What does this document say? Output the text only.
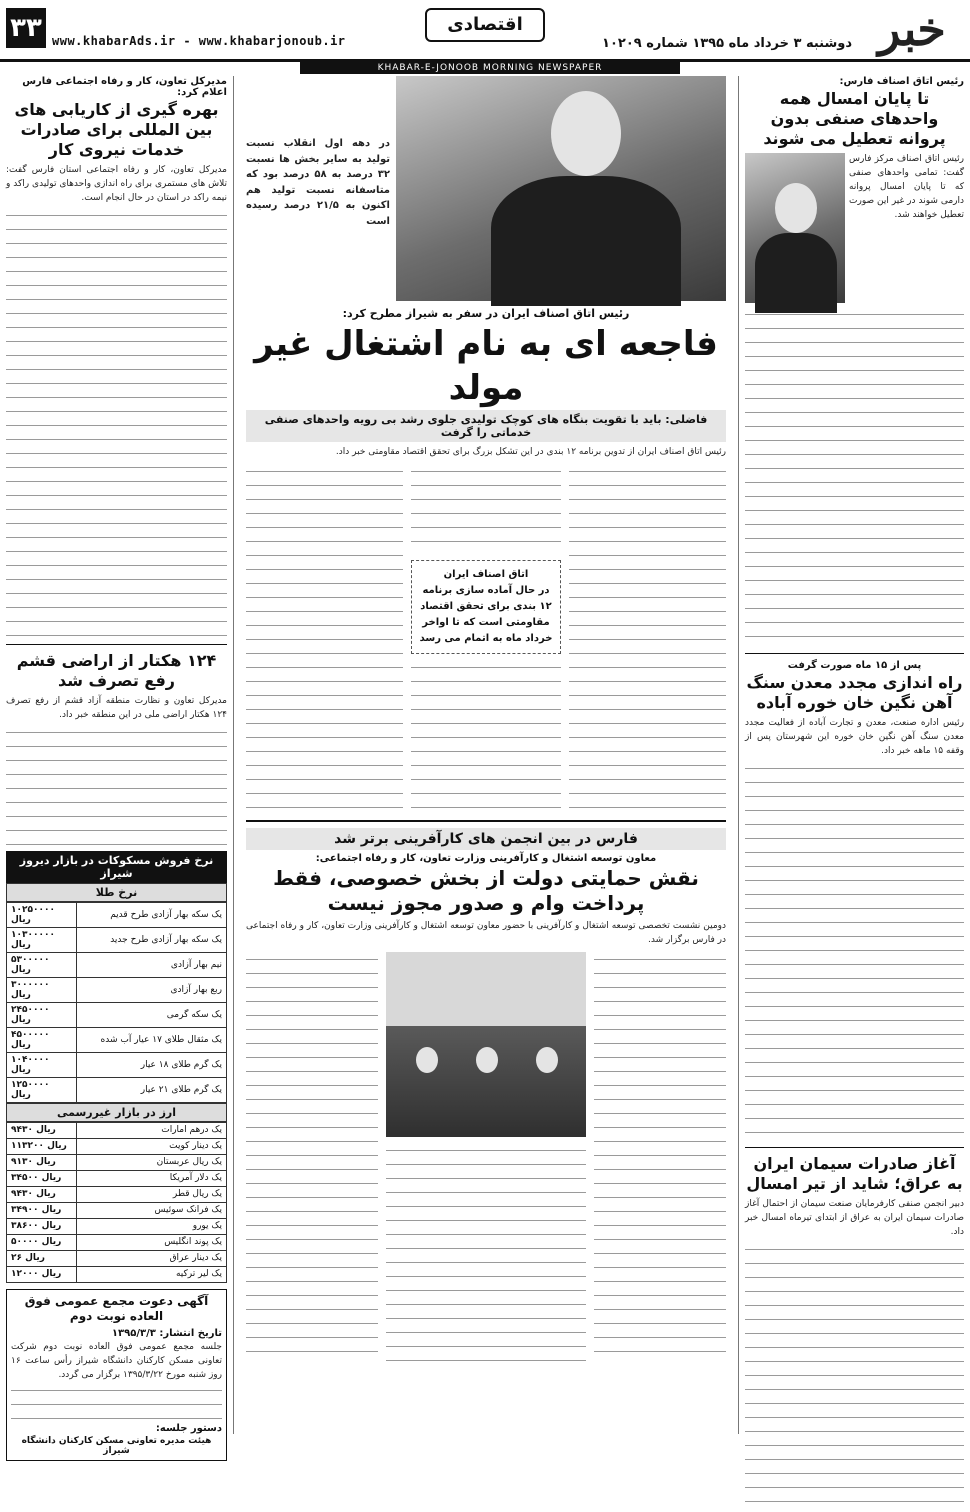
۳۳ www.khabarAds.ir - www.khabarjonoub.ir
اقتصادی
دوشنبه ۳ خرداد ماه ۱۳۹۵ شماره ۱۰۲۰۹ خبر
KHABAR-E-JONOOB MORNING NEWSPAPER
رئیس اتاق اصناف فارس:
تا پایان امسال همه واحدهای صنفی بدون پروانه تعطیل می شوند
رئیس اتاق اصناف مرکز فارس گفت: تمامی واحدهای صنفی که تا پایان امسال پروانه دارمی شوند در غیر این صورت تعطیل خواهند شد.
پس از ۱۵ ماه صورت گرفت
راه اندازی مجدد معدن سنگ آهن نگین خان خوره آباده
رئیس اداره صنعت، معدن و تجارت آباده از فعالیت مجدد معدن سنگ آهن نگین خان خوره این شهرستان پس از وقفه ۱۵ ماهه خبر داد.
آغاز صادرات سیمان ایران به عراق؛ شاید از تیر امسال
دبیر انجمن صنفی کارفرمایان صنعت سیمان از احتمال آغاز صادرات سیمان ایران به عراق از ابتدای تیرماه امسال خبر داد.
در دهه اول انقلاب نسبت تولید به سایر بخش ها نسبت ۳۲ درصد به ۵۸ درصد بود که متاسفانه نسبت تولید هم اکنون به ۲۱/۵ درصد رسیده است
رئیس اتاق اصناف ایران در سفر به شیراز مطرح کرد:
فاجعه ای به نام اشتغال غیر مولد
فاضلی: باید با تقویت بنگاه های کوچک تولیدی جلوی رشد بی رویه واحدهای صنفی خدماتی را گرفت
رئیس اتاق اصناف ایران از تدوین برنامه ۱۲ بندی در این تشکل بزرگ برای تحقق اقتصاد مقاومتی خبر داد.
اتاق اصناف ایران
در حال آماده سازی برنامه ۱۲ بندی برای تحقق اقتصاد مقاومتی است که تا اواخر خرداد ماه به اتمام می رسد
فارس در بین انجمن های کارآفرینی برتر شد
معاون توسعه اشتغال و کارآفرینی وزارت تعاون، کار و رفاه اجتماعی:
نقش حمایتی دولت از بخش خصوصی، فقط پرداخت وام و صدور مجوز نیست
دومین نشست تخصصی توسعه اشتغال و کارآفرینی با حضور معاون توسعه اشتغال و کارآفرینی وزارت تعاون، کار و رفاه اجتماعی در فارس برگزار شد.
مدیرکل تعاون، کار و رفاه اجتماعی فارس اعلام کرد:
بهره گیری از کاریابی های بین المللی برای صادرات خدمات نیروی کار
مدیرکل تعاون، کار و رفاه اجتماعی استان فارس گفت: تلاش های مستمری برای راه اندازی واحدهای تولیدی راکد و نیمه راکد در استان در حال انجام است.
۱۲۴ هکتار از اراضی قشم رفع تصرف شد
مدیرکل تعاون و نظارت منطقه آزاد قشم از رفع تصرف ۱۲۴ هکتار اراضی ملی در این منطقه خبر داد.
نرخ فروش مسکوکات در بازار دیروز شیراز
نرخ طلا
یک سکه بهار آزادی طرح قدیم	۱۰۲۵۰۰۰۰ ریال
یک سکه بهار آزادی طرح جدید	۱۰۳۰۰۰۰۰ ریال
نیم بهار آزادی	۵۳۰۰۰۰۰ ریال
ربع بهار آزادی	۳۰۰۰۰۰۰ ریال
یک سکه گرمی	۲۴۵۰۰۰۰ ریال
یک مثقال طلای ۱۷ عیار آب شده	۴۵۰۰۰۰۰ ریال
یک گرم طلای ۱۸ عیار	۱۰۴۰۰۰۰ ریال
یک گرم طلای ۲۱ عیار	۱۲۵۰۰۰۰ ریال
ارز در بازار غیررسمی
یک درهم امارات	۹۴۳۰ ریال
یک دینار کویت	۱۱۳۲۰۰ ریال
یک ریال عربستان	۹۱۳۰ ریال
یک دلار آمریکا	۳۴۵۰۰ ریال
یک ریال قطر	۹۴۳۰ ریال
یک فرانک سوئیس	۳۴۹۰۰ ریال
یک یورو	۳۸۶۰۰ ریال
یک پوند انگلیس	۵۰۰۰۰ ریال
یک دینار عراق	۲۶ ریال
یک لیر ترکیه	۱۲۰۰۰ ریال
آگهی دعوت مجمع عمومی فوق العاده نوبت دوم
تاریخ انتشار: ۱۳۹۵/۳/۳
جلسه مجمع عمومی فوق العاده نوبت دوم شرکت تعاونی مسکن کارکنان دانشگاه شیراز رأس ساعت ۱۶ روز شنبه مورخ ۱۳۹۵/۳/۲۲ برگزار می گردد.
دستور جلسه:
هیئت مدیره تعاونی مسکن کارکنان دانشگاه شیراز
